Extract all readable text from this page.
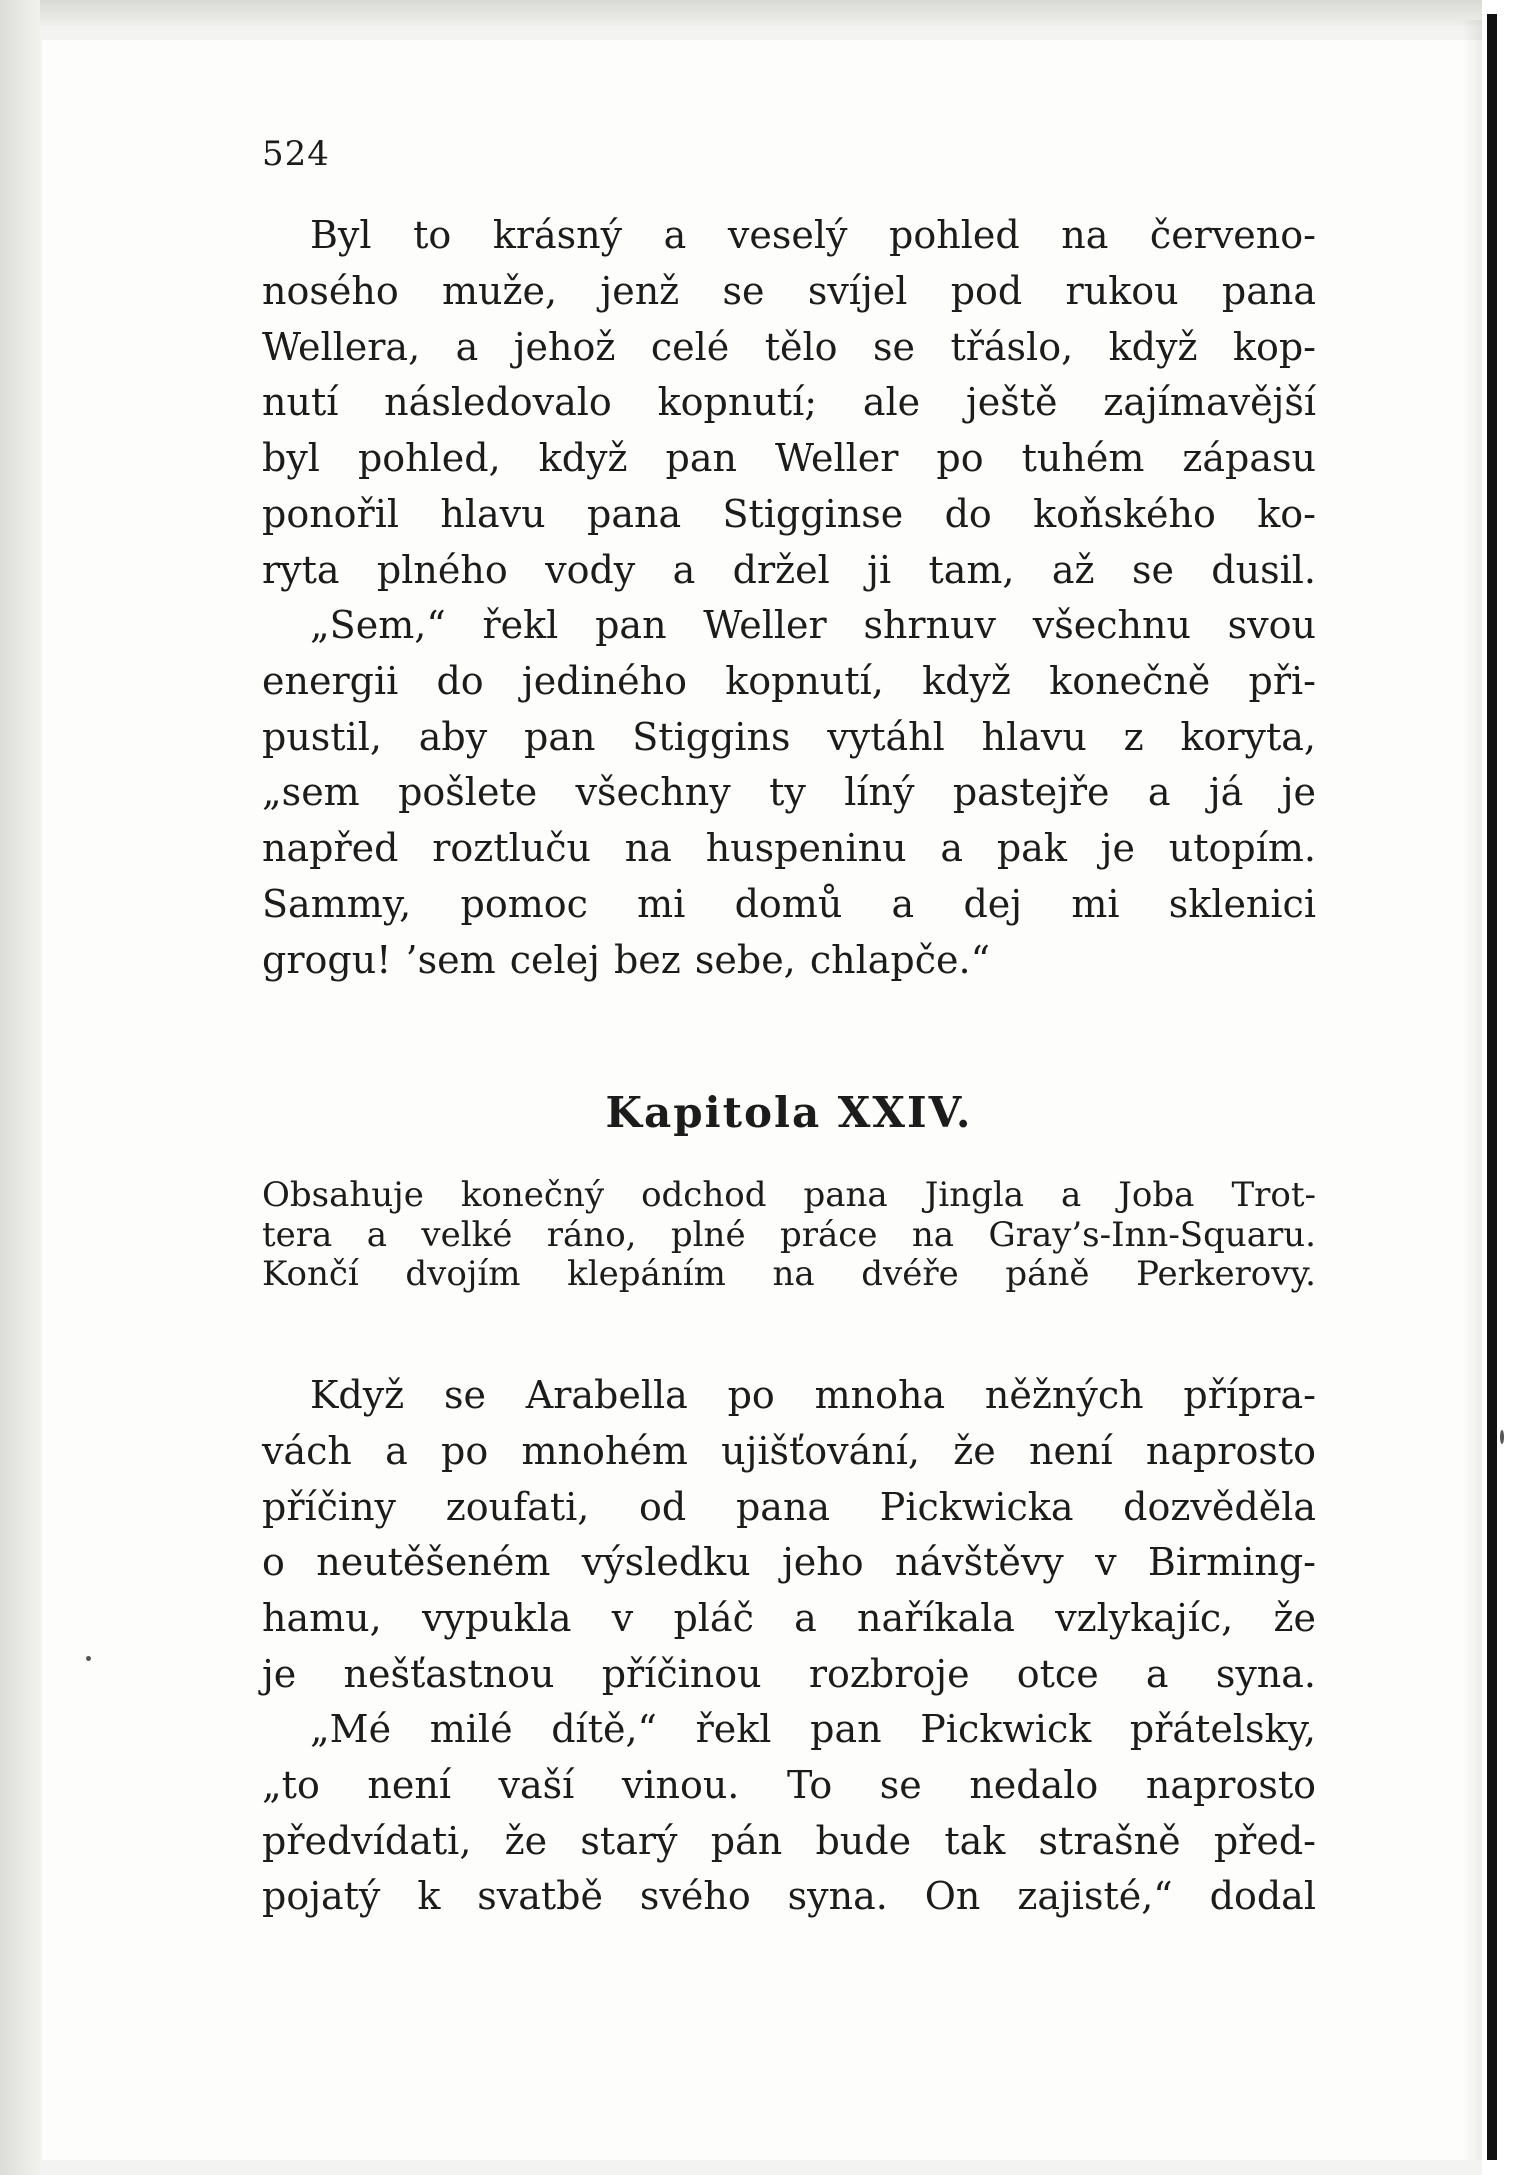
524
Byl to krásný a veselý pohled na červeno-
nosého muže, jenž se svíjel pod rukou pana
Wellera, a jehož celé tělo se třáslo, když kop-
nutí následovalo kopnutí; ale ještě zajímavější
byl pohled, když pan Weller po tuhém zápasu
ponořil hlavu pana Stigginse do koňského ko-
ryta plného vody a držel ji tam, až se dusil.
„Sem,“ řekl pan Weller shrnuv všechnu svou
energii do jediného kopnutí, když konečně při-
pustil, aby pan Stiggins vytáhl hlavu z koryta,
„sem pošlete všechny ty líný pastejře a já je
napřed roztluču na huspeninu a pak je utopím.
Sammy, pomoc mi domů a dej mi sklenici
grogu! ’sem celej bez sebe, chlapče.“
Kapitola XXIV.
Obsahuje konečný odchod pana Jingla a Joba Trot-
tera a velké ráno, plné práce na Gray’s-Inn-Squaru.
Končí dvojím klepáním na dvéře páně Perkerovy.
Když se Arabella po mnoha něžných přípra-
vách a po mnohém ujišťování, že není naprosto
příčiny zoufati, od pana Pickwicka dozvěděla
o neutěšeném výsledku jeho návštěvy v Birming-
hamu, vypukla v pláč a naříkala vzlykajíc, že
je nešťastnou příčinou rozbroje otce a syna.
„Mé milé dítě,“ řekl pan Pickwick přátelsky,
„to není vaší vinou. To se nedalo naprosto
předvídati, že starý pán bude tak strašně před-
pojatý k svatbě svého syna. On zajisté,“ dodal
